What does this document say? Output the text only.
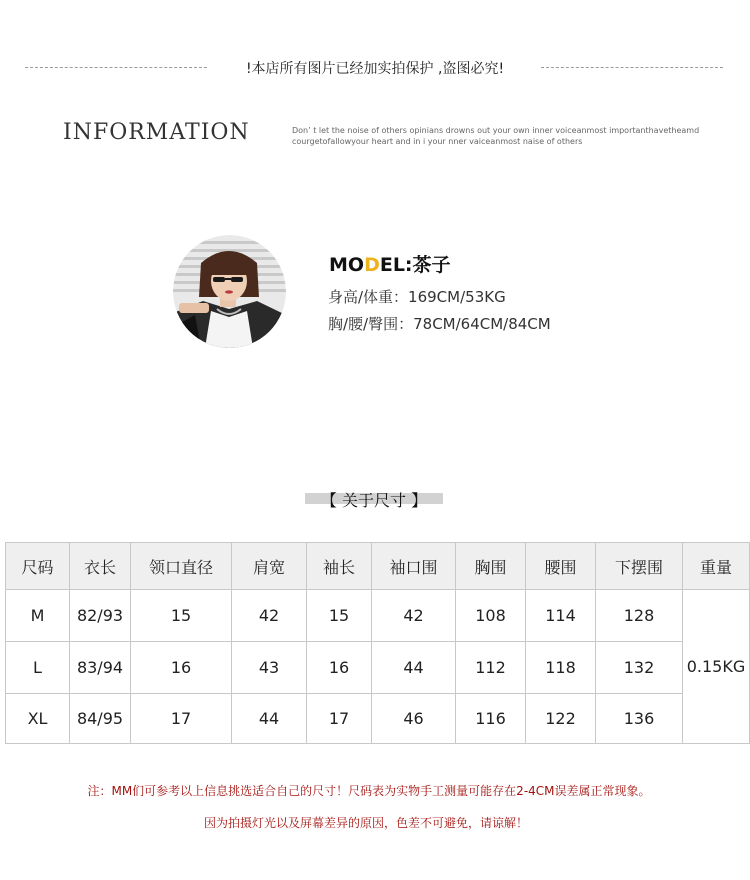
!本店所有图片已经加实拍保护 ,盗图必究!
INFORMATION	Don’ t let the noise of others opinians drowns out your own inner voiceanmost importanthavetheamd
courgetofallowyour heart and in i your nner vaiceanmost naise of others
MODEL:茶子
身高/体重：169CM/53KG
胸/腰/臀围：78CM/64CM/84CM
【 关于尺寸 】
尺码	衣长	领口直径	肩宽	袖长	袖口围	胸围	腰围	下摆围	重量
M	82/93	15	42	15	42	108	114	128	0.15KG
L	83/94	16	43	16	44	112	118	132	
XL	84/95	17	44	17	46	116	122	136	
注：MM们可参考以上信息挑选适合自己的尺寸！尺码表为实物手工测量可能存在2-4CM误差属正常现象。
因为拍摄灯光以及屏幕差异的原因，色差不可避免，请谅解！
